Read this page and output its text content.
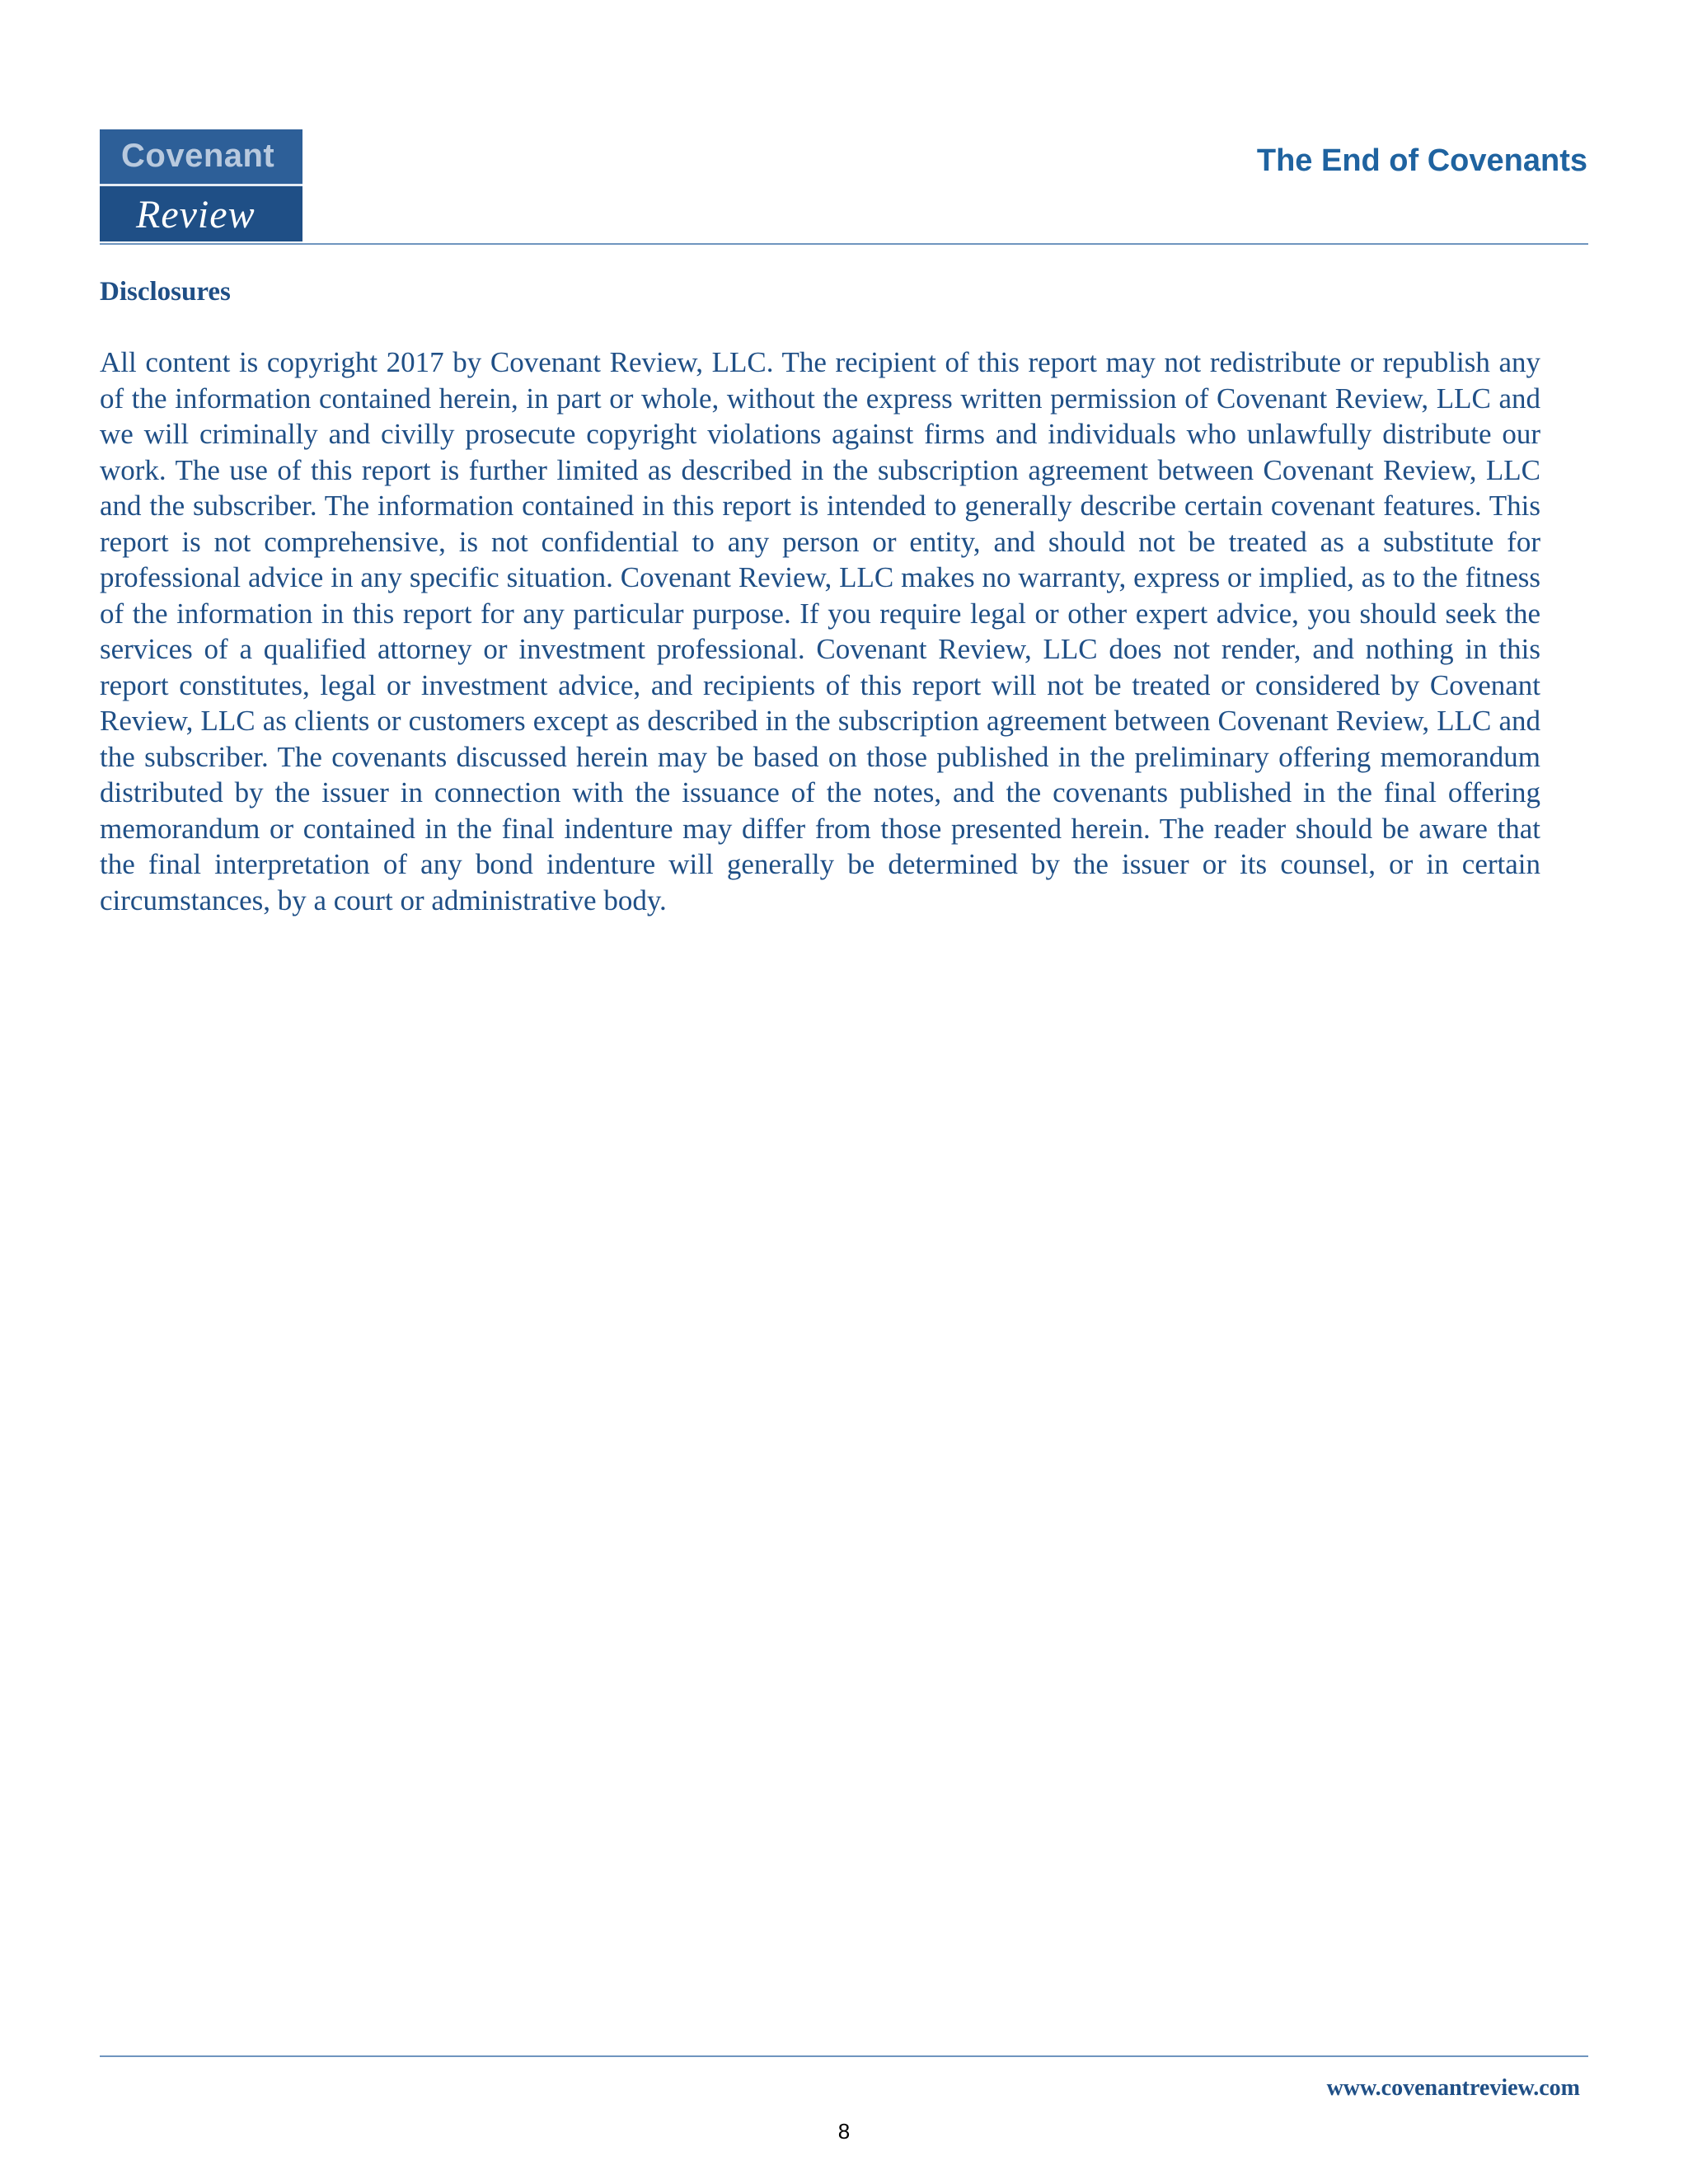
Covenant
Review
The End of Covenants
Disclosures

All content is copyright 2017 by Covenant Review, LLC. The recipient of this report may not redistribute or republish any of the information contained herein, in part or whole, without the express written permission of Covenant Review, LLC and we will criminally and civilly prosecute copyright violations against firms and individuals who unlawfully distribute our work. The use of this report is further limited as described in the subscription agreement between Covenant Review, LLC and the subscriber. The information contained in this report is intended to generally describe certain covenant features. This report is not comprehensive, is not confidential to any person or entity, and should not be treated as a substitute for professional advice in any specific situation. Covenant Review, LLC makes no warranty, express or implied, as to the fitness of the information in this report for any particular purpose. If you require legal or other expert advice, you should seek the services of a qualified attorney or investment professional. Covenant Review, LLC does not render, and nothing in this report constitutes, legal or investment advice, and recipients of this report will not be treated or considered by Covenant Review, LLC as clients or customers except as described in the subscription agreement between Covenant Review, LLC and the subscriber. The covenants discussed herein may be based on those published in the preliminary offering memorandum distributed by the issuer in connection with the issuance of the notes, and the covenants published in the final offering memorandum or contained in the final indenture may differ from those presented herein. The reader should be aware that the final interpretation of any bond indenture will generally be determined by the issuer or its counsel, or in certain circumstances, by a court or administrative body.

www.covenantreview.com
8
